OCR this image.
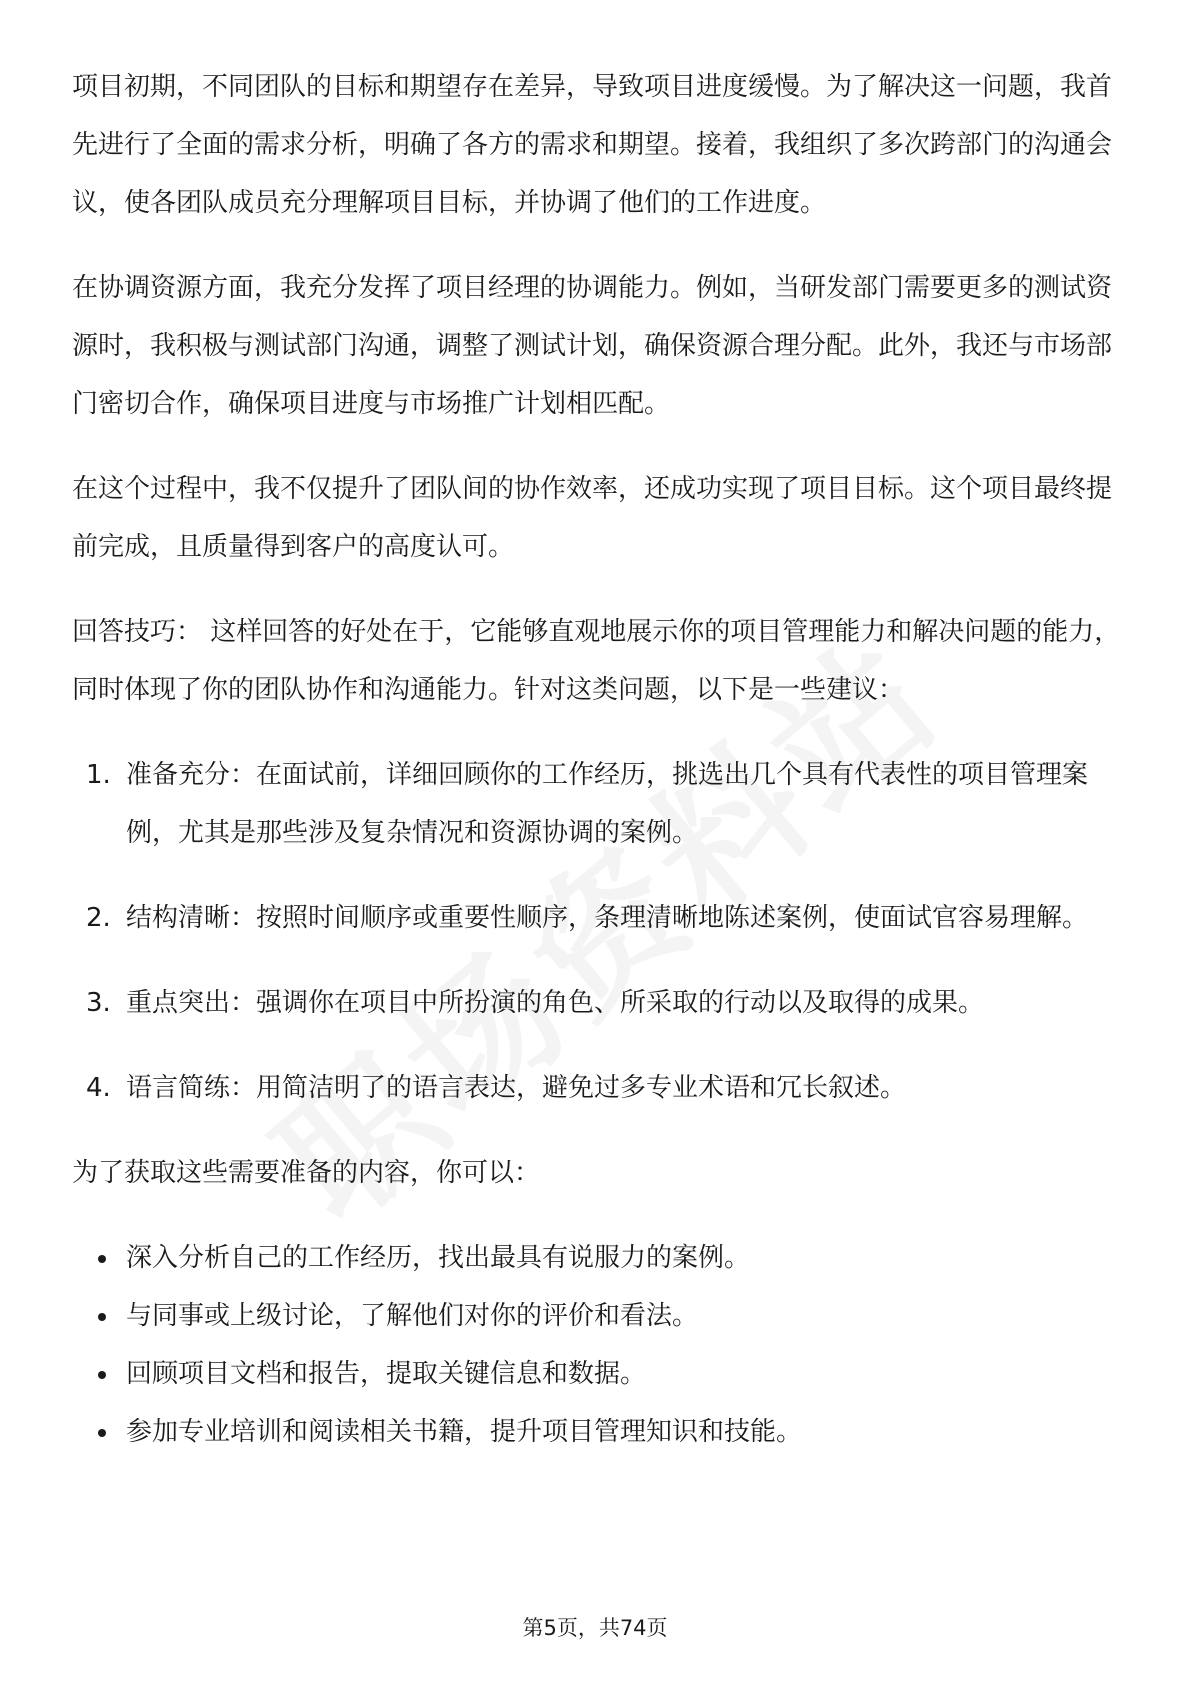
项目初期，不同团队的目标和期望存在差异，导致项目进度缓慢。为了解决这一问题，我首先进行了全面的需求分析，明确了各方的需求和期望。接着，我组织了多次跨部门的沟通会议，使各团队成员充分理解项目目标，并协调了他们的工作进度。

在协调资源方面，我充分发挥了项目经理的协调能力。例如，当研发部门需要更多的测试资源时，我积极与测试部门沟通，调整了测试计划，确保资源合理分配。此外，我还与市场部门密切合作，确保项目进度与市场推广计划相匹配。

在这个过程中，我不仅提升了团队间的协作效率，还成功实现了项目目标。这个项目最终提前完成，且质量得到客户的高度认可。

回答技巧： 这样回答的好处在于，它能够直观地展示你的项目管理能力和解决问题的能力，同时体现了你的团队协作和沟通能力。针对这类问题，以下是一些建议：

1. 准备充分：在面试前，详细回顾你的工作经历，挑选出几个具有代表性的项目管理案例，尤其是那些涉及复杂情况和资源协调的案例。
2. 结构清晰：按照时间顺序或重要性顺序，条理清晰地陈述案例，使面试官容易理解。
3. 重点突出：强调你在项目中所扮演的角色、所采取的行动以及取得的成果。
4. 语言简练：用简洁明了的语言表达，避免过多专业术语和冗长叙述。

为了获取这些需要准备的内容，你可以：

深入分析自己的工作经历，找出最具有说服力的案例。
与同事或上级讨论，了解他们对你的评价和看法。
回顾项目文档和报告，提取关键信息和数据。
参加专业培训和阅读相关书籍，提升项目管理知识和技能。
第5页，共74页
